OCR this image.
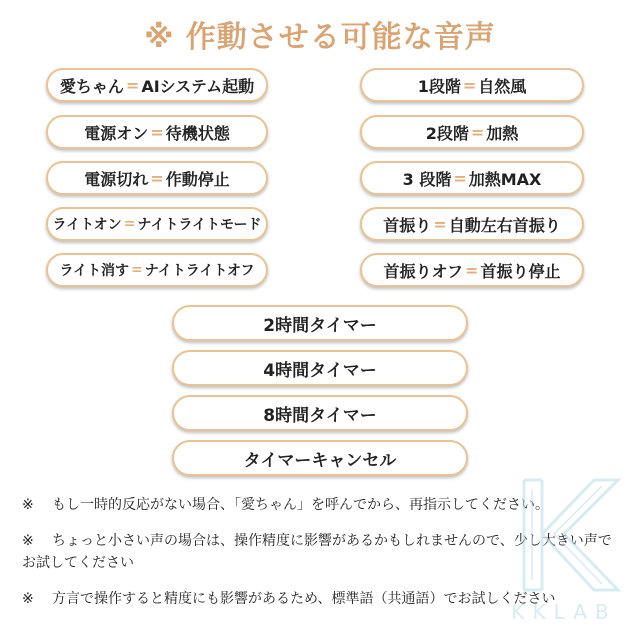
※ 作動させる可能な音声
愛ちゃん = AIシステム起動
電源オン = 待機状態
電源切れ = 作動停止
ライトオン = ナイトライトモード
ライト消す = ナイトライトオフ
1段階 = 自然風
2段階 = 加熱
3 段階 = 加熱MAX
首振り = 自動左右首振り
首振りオフ = 首振り停止
2時間タイマー
4時間タイマー
8時間タイマー
タイマーキャンセル
※ もし一時的反応がない場合、「愛ちゃん」を呼んでから、再指示してください。
※ ちょっと小さい声の場合は、操作精度に影響があるかもしれませんので、少し大きい声でお試してください
※ 方言で操作すると精度にも影響があるため、標準語（共通語）でお試しください
KKLAB
